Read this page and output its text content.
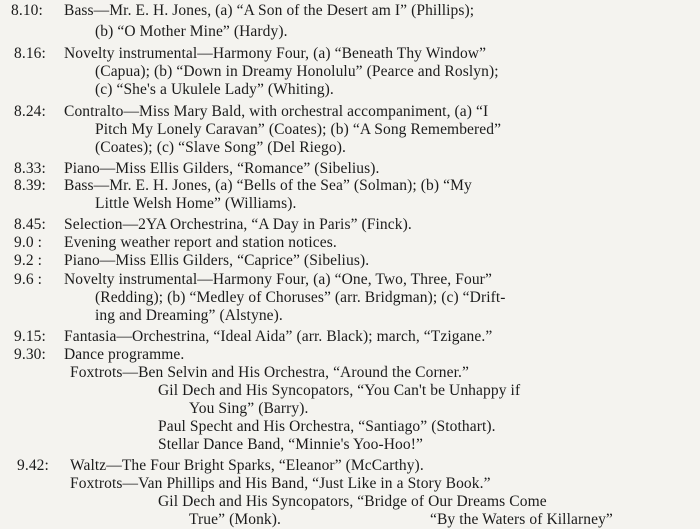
8.10: Bass—Mr. E. H. Jones, (a) “A Son of the Desert am I” (Phillips);
(b) “O Mother Mine” (Hardy).
8.16: Novelty instrumental—Harmony Four, (a) “Beneath Thy Window”
(Capua); (b) “Down in Dreamy Honolulu” (Pearce and Roslyn);
(c) “She's a Ukulele Lady” (Whiting).
8.24: Contralto—Miss Mary Bald, with orchestral accompaniment, (a) “I
Pitch My Lonely Caravan” (Coates); (b) “A Song Remembered”
(Coates); (c) “Slave Song” (Del Riego).
8.33: Piano—Miss Ellis Gilders, “Romance” (Sibelius).
8.39: Bass—Mr. E. H. Jones, (a) “Bells of the Sea” (Solman); (b) “My
Little Welsh Home” (Williams).
8.45: Selection—2YA Orchestrina, “A Day in Paris” (Finck).
9.0 : Evening weather report and station notices.
9.2 : Piano—Miss Ellis Gilders, “Caprice” (Sibelius).
9.6 : Novelty instrumental—Harmony Four, (a) “One, Two, Three, Four”
(Redding); (b) “Medley of Choruses” (arr. Bridgman); (c) “Drift-
ing and Dreaming” (Alstyne).
9.15: Fantasia—Orchestrina, “Ideal Aida” (arr. Black); march, “Tzigane.”
9.30: Dance programme.
Foxtrots—Ben Selvin and His Orchestra, “Around the Corner.”
Gil Dech and His Syncopators, “You Can't be Unhappy if
You Sing” (Barry).
Paul Specht and His Orchestra, “Santiago” (Stothart).
Stellar Dance Band, “Minnie's Yoo-Hoo!”
9.42: Waltz—The Four Bright Sparks, “Eleanor” (McCarthy).
Foxtrots—Van Phillips and His Band, “Just Like in a Story Book.”
Gil Dech and His Syncopators, “Bridge of Our Dreams Come
True” (Monk).	“By the Waters of Killarney”
